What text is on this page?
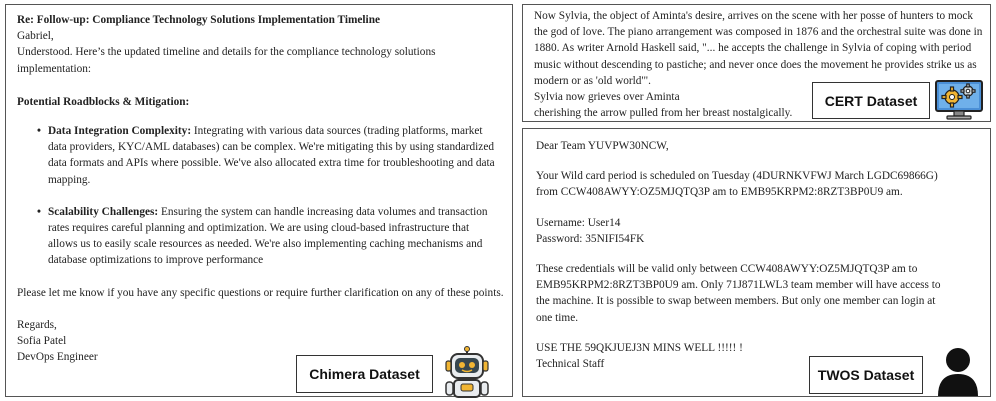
Re: Follow-up: Compliance Technology Solutions Implementation Timeline

Gabriel,

Understood. Here’s the updated timeline and details for the compliance technology solutions implementation:

Potential Roadblocks & Mitigation:

• Data Integration Complexity: Integrating with various data sources (trading platforms, market data providers, KYC/AML databases) can be complex. We're mitigating this by using standardized data formats and APIs where possible. We've also allocated extra time for troubleshooting and data mapping.
• Scalability Challenges: Ensuring the system can handle increasing data volumes and transaction rates requires careful planning and optimization. We are using cloud-based infrastructure that allows us to easily scale resources as needed. We're also implementing caching mechanisms and database optimizations to improve performance

Please let me know if you have any specific questions or require further clarification on any of these points.

Regards,

Sofia Patel

DevOps Engineer

Now Sylvia, the object of Aminta's desire, arrives on the scene with her posse of hunters to mock the god of love. The piano arrangement was composed in 1876 and the orchestral suite was done in 1880. As writer Arnold Haskell said, "... he accepts the challenge in Sylvia of coping with period music without descending to pastiche; and never once does the movement he provides strike us as modern or as 'old world'".

Sylvia now grieves over Aminta

cherishing the arrow pulled from her breast nostalgically.

Dear Team YUVPW30NCW,

Your Wild card period is scheduled on Tuesday (4DURNKVFWJ March LGDC69866G) from CCW408AWYY:OZ5MJQTQ3P am to EMB95KRPM2:8RZT3BP0U9 am.

Username: User14

Password: 35NIFI54FK

These credentials will be valid only between CCW408AWYY:OZ5MJQTQ3P am to EMB95KRPM2:8RZT3BP0U9 am. Only 71J871LWL3 team member will have access to the machine. It is possible to swap between members. But only one member can login at one time.

USE THE 59QKJUEJ3N MINS WELL !!!!! !

Technical Staff

Chimera Dataset
CERT Dataset
TWOS Dataset
